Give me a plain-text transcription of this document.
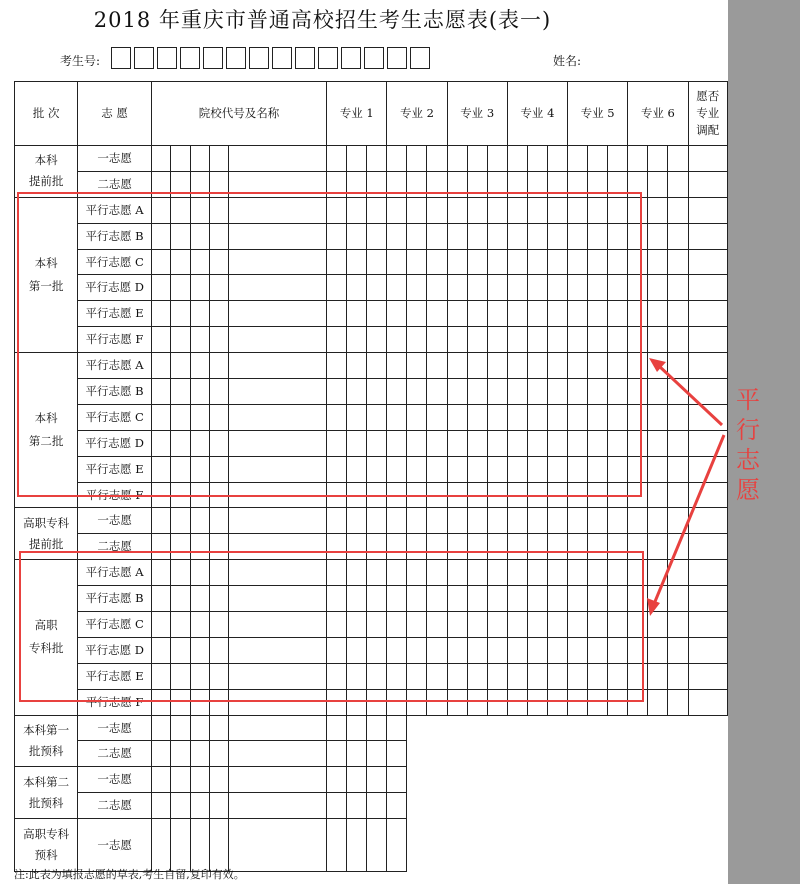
2018 年重庆市普通高校招生考生志愿表(表一)
考生号:	姓名:
批 次	志 愿	院校代号及名称					专业 1			专业 2			专业 3			专业 4			专业 5			专业 6			愿否专业调配

本科
提前批	一志愿																								
	二志愿																								

本科
第一批	平行志愿 A																								
	平行志愿 B																								
	平行志愿 C																								
	平行志愿 D																								
	平行志愿 E																								
	平行志愿 F																								

本科
第二批	平行志愿 A																								
	平行志愿 B																								
	平行志愿 C																								
	平行志愿 D																								
	平行志愿 E																								
	平行志愿 F																								

高职专科
提前批	一志愿																								
	二志愿																								

高职
专科批	平行志愿 A																								
	平行志愿 B																								
	平行志愿 C																								
	平行志愿 D																								
	平行志愿 E																								
	平行志愿 F																								

本科第一
批预科	一志愿																								
	二志愿																								

本科第二
批预科	一志愿																								
	二志愿																								

高职专科
预科	一志愿																								
注:此表为填报志愿的草表,考生自留,复印有效。
平
行
志
愿
